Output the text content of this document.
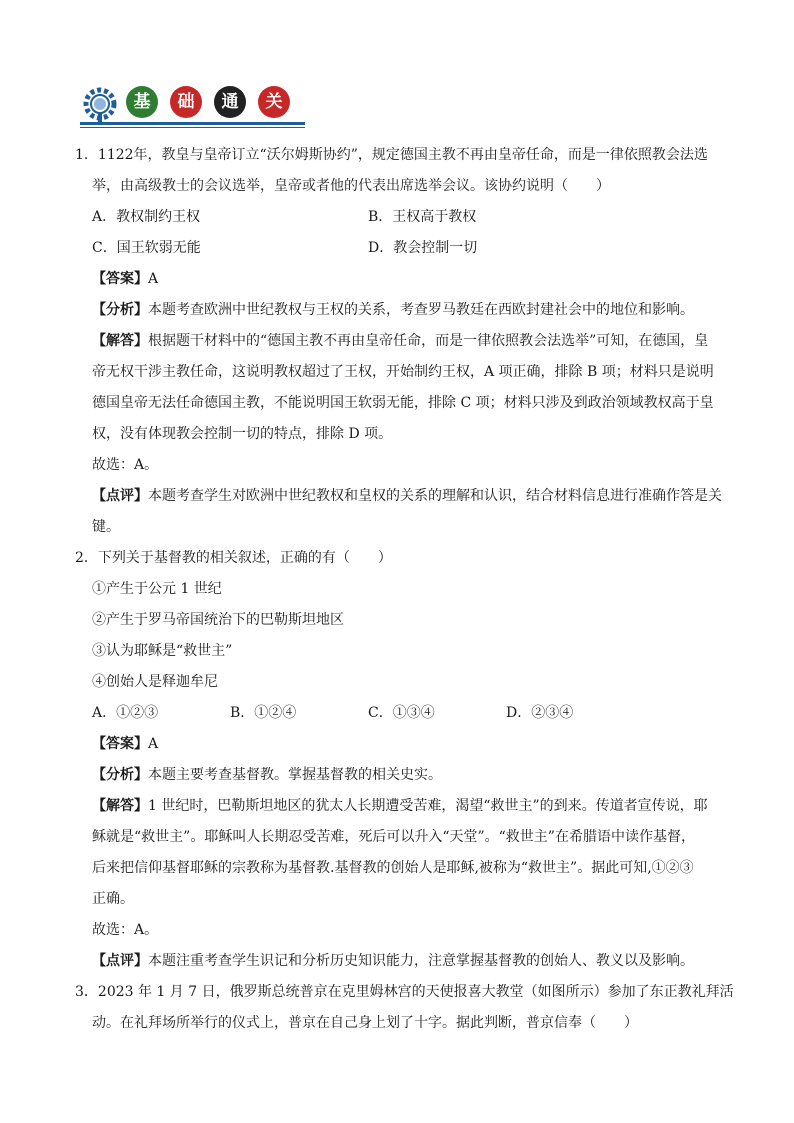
基	础	通	关
1．1122年，教皇与皇帝订立“沃尔姆斯协约”，规定德国主教不再由皇帝任命，而是一律依照教会法选
举，由高级教士的会议选举，皇帝或者他的代表出席选举会议。该协约说明（　　）
A．教权制约王权	B．王权高于教权
C．国王软弱无能	D．教会控制一切
【答案】A
【分析】本题考查欧洲中世纪教权与王权的关系，考查罗马教廷在西欧封建社会中的地位和影响。
【解答】根据题干材料中的“德国主教不再由皇帝任命，而是一律依照教会法选举”可知，在德国，皇
帝无权干涉主教任命，这说明教权超过了王权，开始制约王权，A 项正确，排除 B 项；材料只是说明
德国皇帝无法任命德国主教，不能说明国王软弱无能，排除 C 项；材料只涉及到政治领域教权高于皇
权，没有体现教会控制一切的特点，排除 D 项。
故选：A。
【点评】本题考查学生对欧洲中世纪教权和皇权的关系的理解和认识，结合材料信息进行准确作答是关
键。
2．下列关于基督教的相关叙述，正确的有（　　）
①产生于公元 1 世纪
②产生于罗马帝国统治下的巴勒斯坦地区
③认为耶稣是“救世主”
④创始人是释迦牟尼
A．①②③	B．①②④	C．①③④	D．②③④
【答案】A
【分析】本题主要考查基督教。掌握基督教的相关史实。
【解答】1 世纪时，巴勒斯坦地区的犹太人长期遭受苦难，渴望“救世主”的到来。传道者宣传说，耶
稣就是“救世主”。耶稣叫人长期忍受苦难，死后可以升入“天堂”。“救世主”在希腊语中读作基督，
后来把信仰基督耶稣的宗教称为基督教.基督教的创始人是耶稣,被称为“救世主”。据此可知,①②③
正确。
故选：A。
【点评】本题注重考查学生识记和分析历史知识能力，注意掌握基督教的创始人、教义以及影响。
3．2023 年 1 月 7 日，俄罗斯总统普京在克里姆林宫的天使报喜大教堂（如图所示）参加了东正教礼拜活
动。在礼拜场所举行的仪式上，普京在自己身上划了十字。据此判断，普京信奉（　　）
